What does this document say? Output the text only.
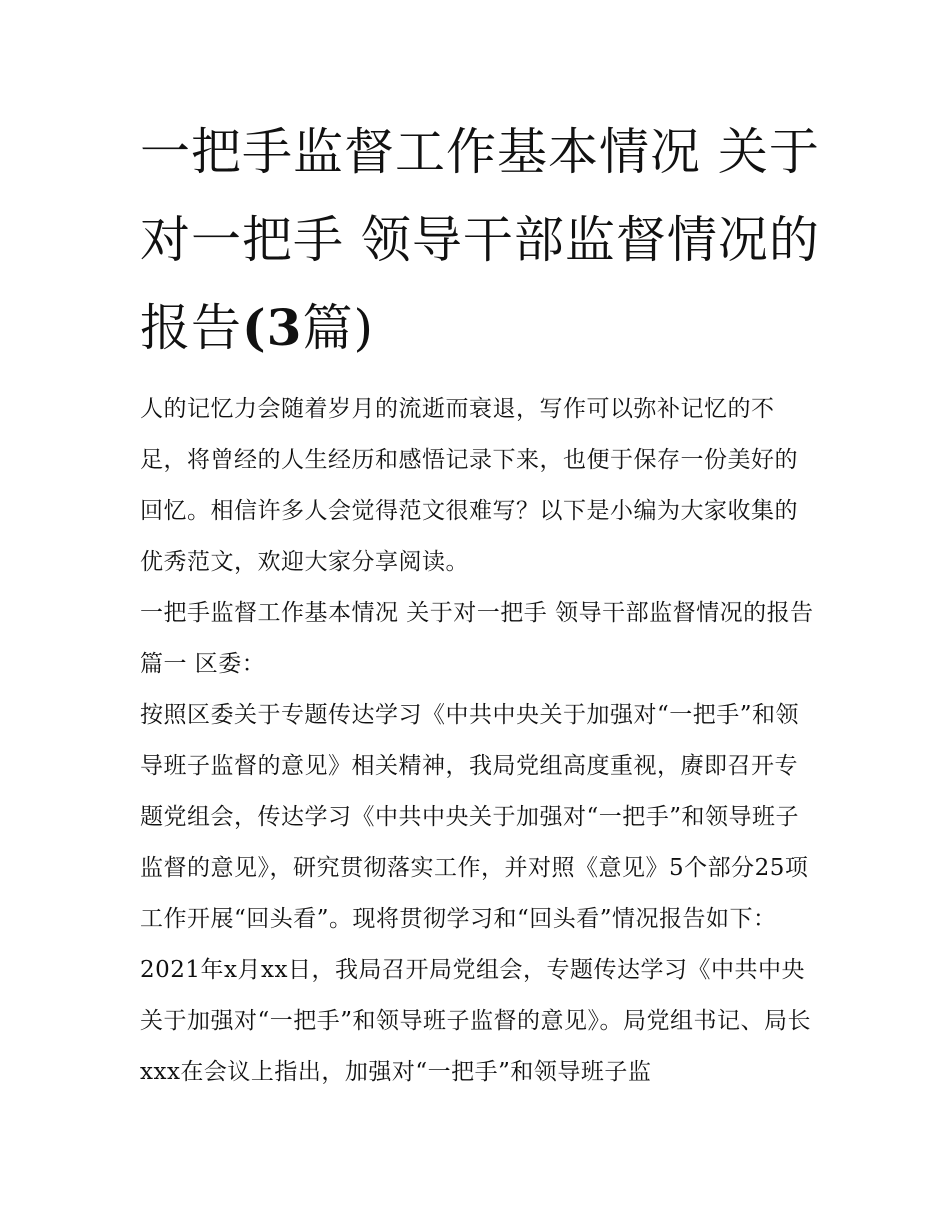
一把手监督工作基本情况 关于对一把手 领导干部监督情况的报告(3篇)

人的记忆力会随着岁月的流逝而衰退，写作可以弥补记忆的不足，将曾经的人生经历和感悟记录下来，也便于保存一份美好的回忆。相信许多人会觉得范文很难写？以下是小编为大家收集的优秀范文，欢迎大家分享阅读。

一把手监督工作基本情况 关于对一把手 领导干部监督情况的报告篇一 区委：

按照区委关于专题传达学习《中共中央关于加强对“一把手”和领导班子监督的意见》相关精神，我局党组高度重视，赓即召开专题党组会，传达学习《中共中央关于加强对“一把手”和领导班子监督的意见》，研究贯彻落实工作，并对照《意见》5个部分25项工作开展“回头看”。现将贯彻学习和“回头看”情况报告如下：

2021年x月xx日，我局召开局党组会，专题传达学习《中共中央关于加强对“一把手”和领导班子监督的意见》。局党组书记、局长xxx在会议上指出，加强对“一把手”和领导班子监
